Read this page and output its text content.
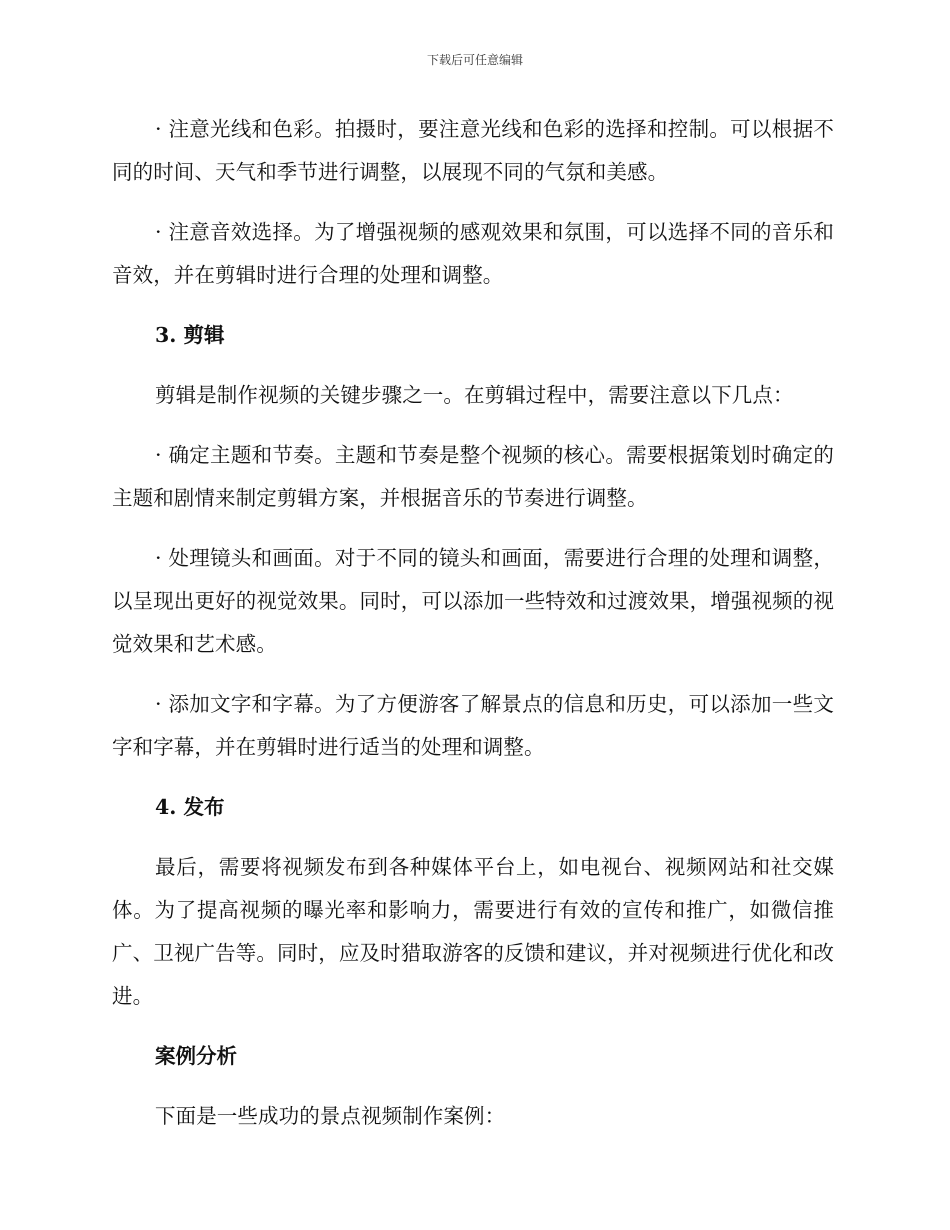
下载后可任意编辑

· 注意光线和色彩。拍摄时，要注意光线和色彩的选择和控制。可以根据不同的时间、天气和季节进行调整，以展现不同的气氛和美感。

· 注意音效选择。为了增强视频的感观效果和氛围，可以选择不同的音乐和音效，并在剪辑时进行合理的处理和调整。

3. 剪辑

剪辑是制作视频的关键步骤之一。在剪辑过程中，需要注意以下几点：

· 确定主题和节奏。主题和节奏是整个视频的核心。需要根据策划时确定的主题和剧情来制定剪辑方案，并根据音乐的节奏进行调整。

· 处理镜头和画面。对于不同的镜头和画面，需要进行合理的处理和调整，以呈现出更好的视觉效果。同时，可以添加一些特效和过渡效果，增强视频的视觉效果和艺术感。

· 添加文字和字幕。为了方便游客了解景点的信息和历史，可以添加一些文字和字幕，并在剪辑时进行适当的处理和调整。

4. 发布

最后，需要将视频发布到各种媒体平台上，如电视台、视频网站和社交媒体。为了提高视频的曝光率和影响力，需要进行有效的宣传和推广，如微信推广、卫视广告等。同时，应及时猎取游客的反馈和建议，并对视频进行优化和改进。

案例分析

下面是一些成功的景点视频制作案例：
